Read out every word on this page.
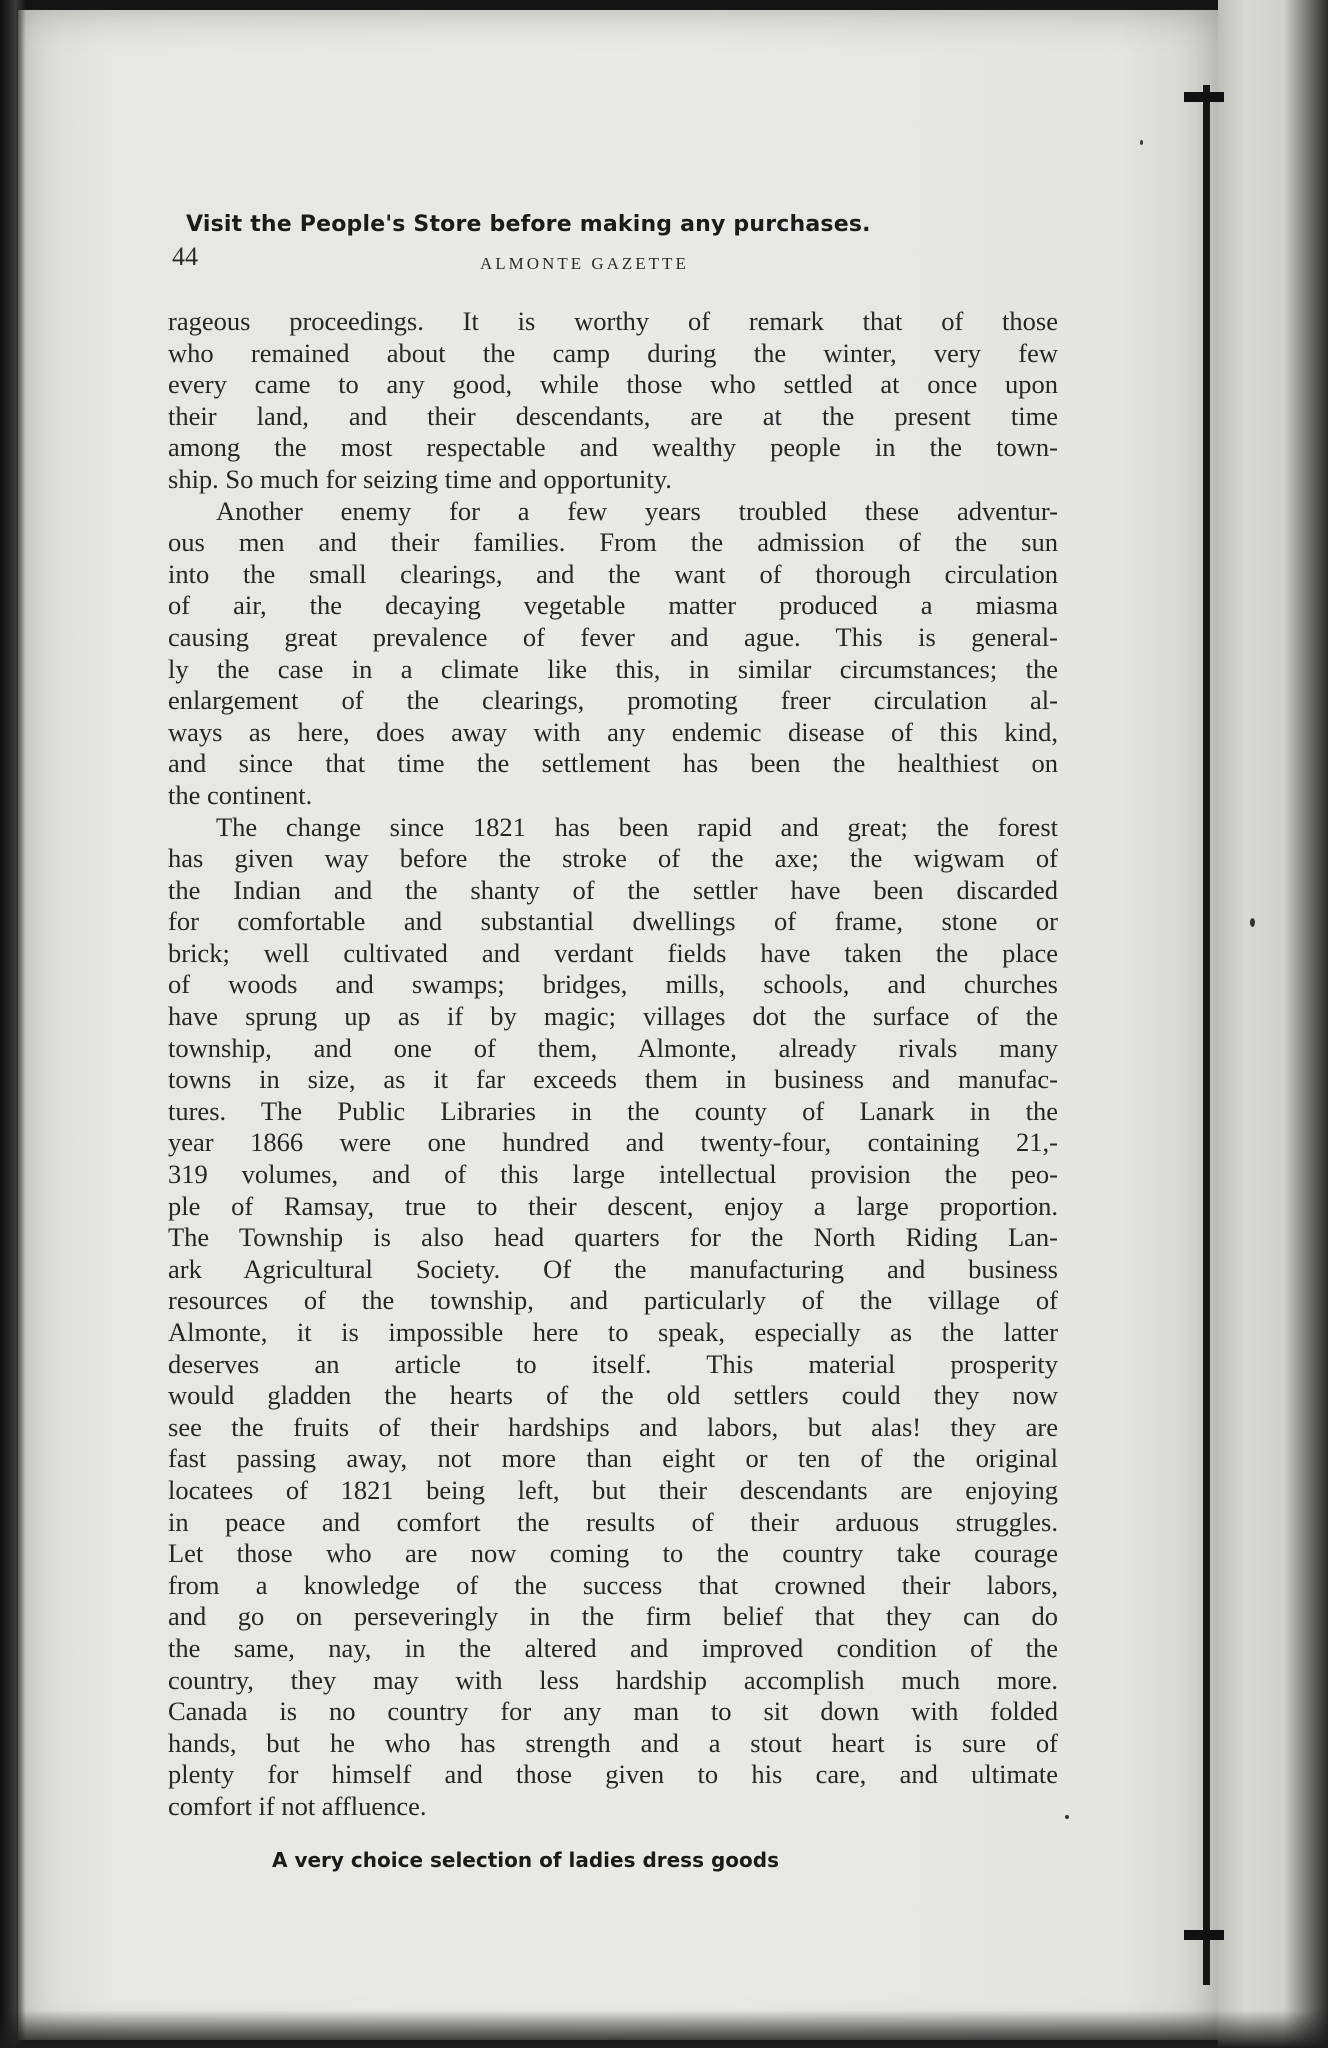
Visit the People's Store before making any purchases.
44	ALMONTE GAZETTE
rageous proceedings. It is worthy of remark that of those
who remained about the camp during the winter, very few
every came to any good, while those who settled at once upon
their land, and their descendants, are at the present time
among the most respectable and wealthy people in the town-
ship. So much for seizing time and opportunity.
Another enemy for a few years troubled these adventur-
ous men and their families. From the admission of the sun
into the small clearings, and the want of thorough circulation
of air, the decaying vegetable matter produced a miasma
causing great prevalence of fever and ague. This is general-
ly the case in a climate like this, in similar circumstances; the
enlargement of the clearings, promoting freer circulation al-
ways as here, does away with any endemic disease of this kind,
and since that time the settlement has been the healthiest on
the continent.
The change since 1821 has been rapid and great; the forest
has given way before the stroke of the axe; the wigwam of
the Indian and the shanty of the settler have been discarded
for comfortable and substantial dwellings of frame, stone or
brick; well cultivated and verdant fields have taken the place
of woods and swamps; bridges, mills, schools, and churches
have sprung up as if by magic; villages dot the surface of the
township, and one of them, Almonte, already rivals many
towns in size, as it far exceeds them in business and manufac-
tures. The Public Libraries in the county of Lanark in the
year 1866 were one hundred and twenty-four, containing 21,-
319 volumes, and of this large intellectual provision the peo-
ple of Ramsay, true to their descent, enjoy a large proportion.
The Township is also head quarters for the North Riding Lan-
ark Agricultural Society. Of the manufacturing and business
resources of the township, and particularly of the village of
Almonte, it is impossible here to speak, especially as the latter
deserves an article to itself. This material prosperity
would gladden the hearts of the old settlers could they now
see the fruits of their hardships and labors, but alas! they are
fast passing away, not more than eight or ten of the original
locatees of 1821 being left, but their descendants are enjoying
in peace and comfort the results of their arduous struggles.
Let those who are now coming to the country take courage
from a knowledge of the success that crowned their labors,
and go on perseveringly in the firm belief that they can do
the same, nay, in the altered and improved condition of the
country, they may with less hardship accomplish much more.
Canada is no country for any man to sit down with folded
hands, but he who has strength and a stout heart is sure of
plenty for himself and those given to his care, and ultimate
comfort if not affluence.
A very choice selection of ladies dress goods
